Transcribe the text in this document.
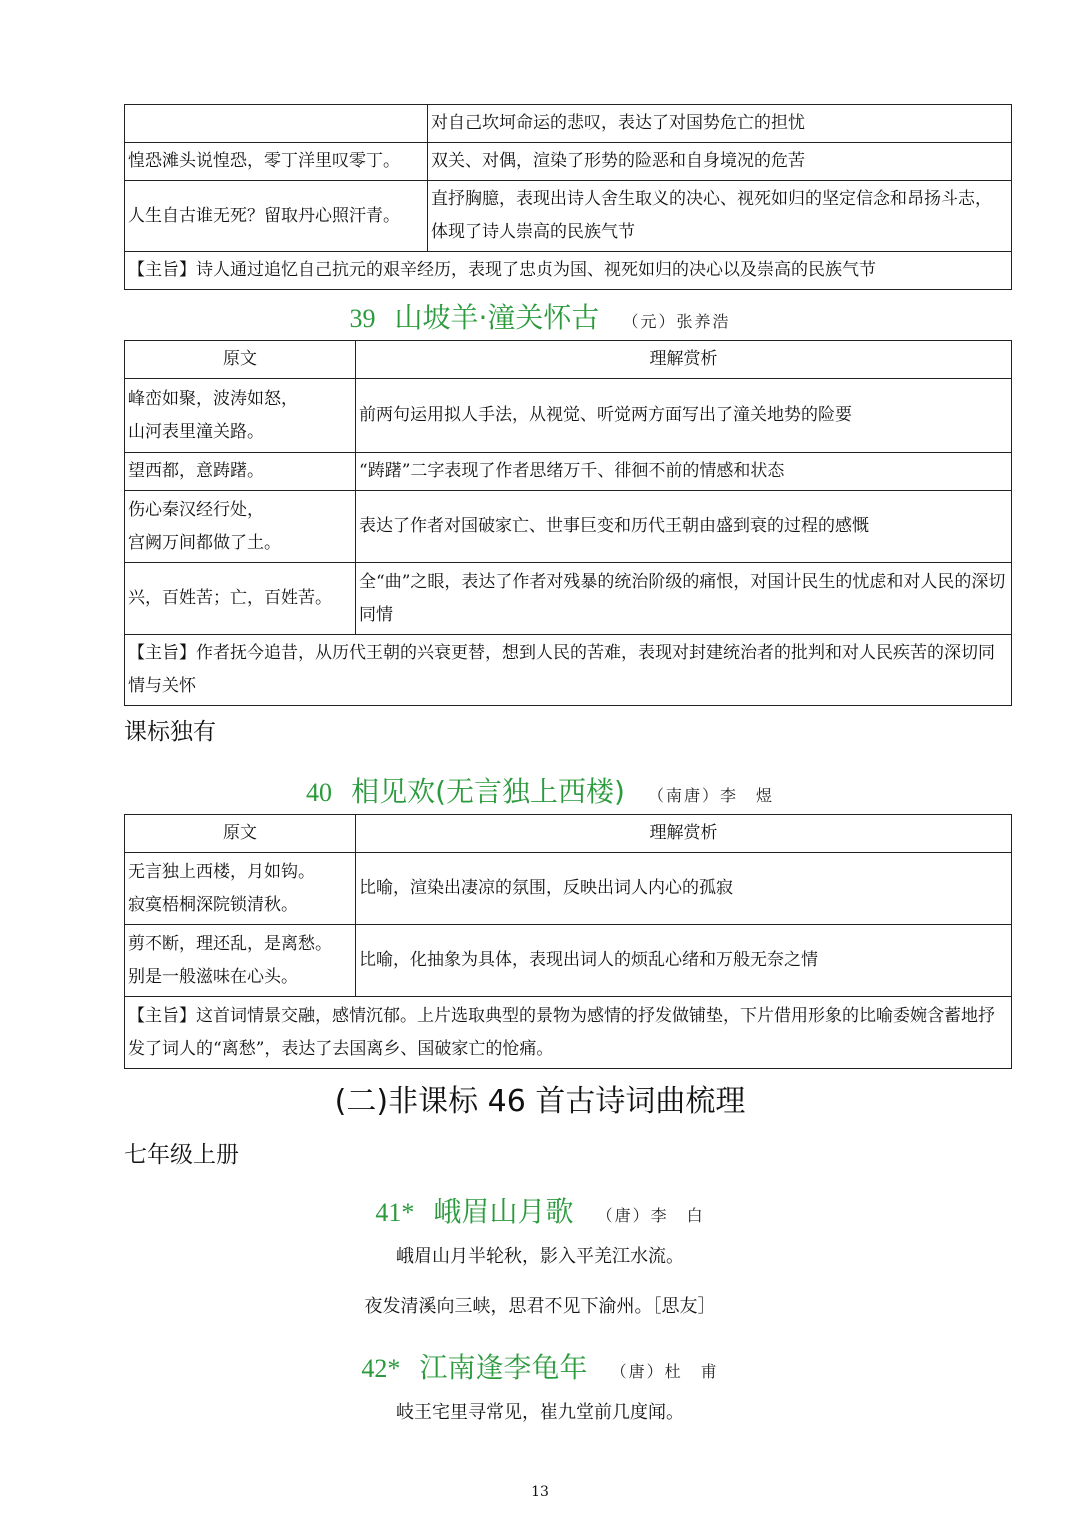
	对自己坎坷命运的悲叹，表达了对国势危亡的担忧
惶恐滩头说惶恐，零丁洋里叹零丁。	双关、对偶，渲染了形势的险恶和自身境况的危苦
人生自古谁无死？留取丹心照汗青。	直抒胸臆，表现出诗人舍生取义的决心、视死如归的坚定信念和昂扬斗志，体现了诗人崇高的民族气节
【主旨】诗人通过追忆自己抗元的艰辛经历，表现了忠贞为国、视死如归的决心以及崇高的民族气节	
39 山坡羊·潼关怀古 （元）张养浩
原文	理解赏析

峰峦如聚，波涛如怒，
山河表里潼关路。	前两句运用拟人手法，从视觉、听觉两方面写出了潼关地势的险要
望西都，意踌躇。	“踌躇”二字表现了作者思绪万千、徘徊不前的情感和状态

伤心秦汉经行处，
宫阙万间都做了土。	表达了作者对国破家亡、世事巨变和历代王朝由盛到衰的过程的感慨
兴，百姓苦；亡，百姓苦。	全“曲”之眼，表达了作者对残暴的统治阶级的痛恨，对国计民生的忧虑和对人民的深切同情
【主旨】作者抚今追昔，从历代王朝的兴衰更替，想到人民的苦难，表现对封建统治者的批判和对人民疾苦的深切同情与关怀	
课标独有
40 相见欢(无言独上西楼) （南唐）李　煜
原文	理解赏析

无言独上西楼，月如钩。
寂寞梧桐深院锁清秋。	比喻，渲染出凄凉的氛围，反映出词人内心的孤寂

剪不断，理还乱，是离愁。
别是一般滋味在心头。	比喻，化抽象为具体，表现出词人的烦乱心绪和万般无奈之情
【主旨】这首词情景交融，感情沉郁。上片选取典型的景物为感情的抒发做铺垫，下片借用形象的比喻委婉含蓄地抒发了词人的“离愁”，表达了去国离乡、国破家亡的怆痛。	
(二)非课标 46 首古诗词曲梳理
七年级上册
41* 峨眉山月歌 （唐）李　白
峨眉山月半轮秋，影入平羌江水流。
夜发清溪向三峡，思君不见下渝州。［思友］
42* 江南逢李龟年 （唐）杜　甫
岐王宅里寻常见，崔九堂前几度闻。
13
